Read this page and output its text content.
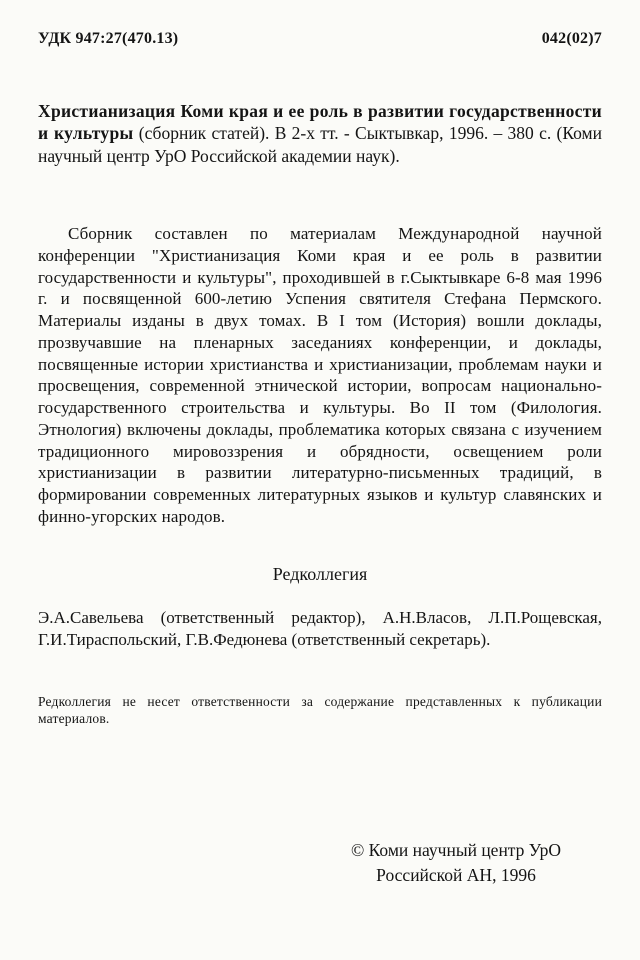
УДК 947:27(470.13)	042(02)7

Христианизация Коми края и ее роль в развитии государственности и культуры (сборник статей). В 2-х тт. - Сыктывкар, 1996. – 380 с. (Коми научный центр УрО Российской академии наук).

Сборник составлен по материалам Международной научной конференции "Христианизация Коми края и ее роль в развитии государственности и культуры", проходившей в г.Сыктывкаре 6-8 мая 1996 г. и посвященной 600-летию Успения святителя Стефана Пермского. Материалы изданы в двух томах. В I том (История) вошли доклады, прозвучавшие на пленарных заседаниях конференции, и доклады, посвященные истории христианства и христианизации, проблемам науки и просвещения, современной этнической истории, вопросам национально-государственного строительства и культуры. Во II том (Филология. Этнология) включены доклады, проблематика которых связана с изучением традиционного мировоззрения и обрядности, освещением роли христианизации в развитии литературно-письменных традиций, в формировании современных литературных языков и культур славянских и финно-угорских народов.

Редколлегия

Э.А.Савельева (ответственный редактор), А.Н.Власов, Л.П.Рощевская, Г.И.Тираспольский, Г.В.Федюнева (ответственный секретарь).

Редколлегия не несет ответственности за содержание представленных к публикации материалов.

© Коми научный центр УрО
Российской АН, 1996
